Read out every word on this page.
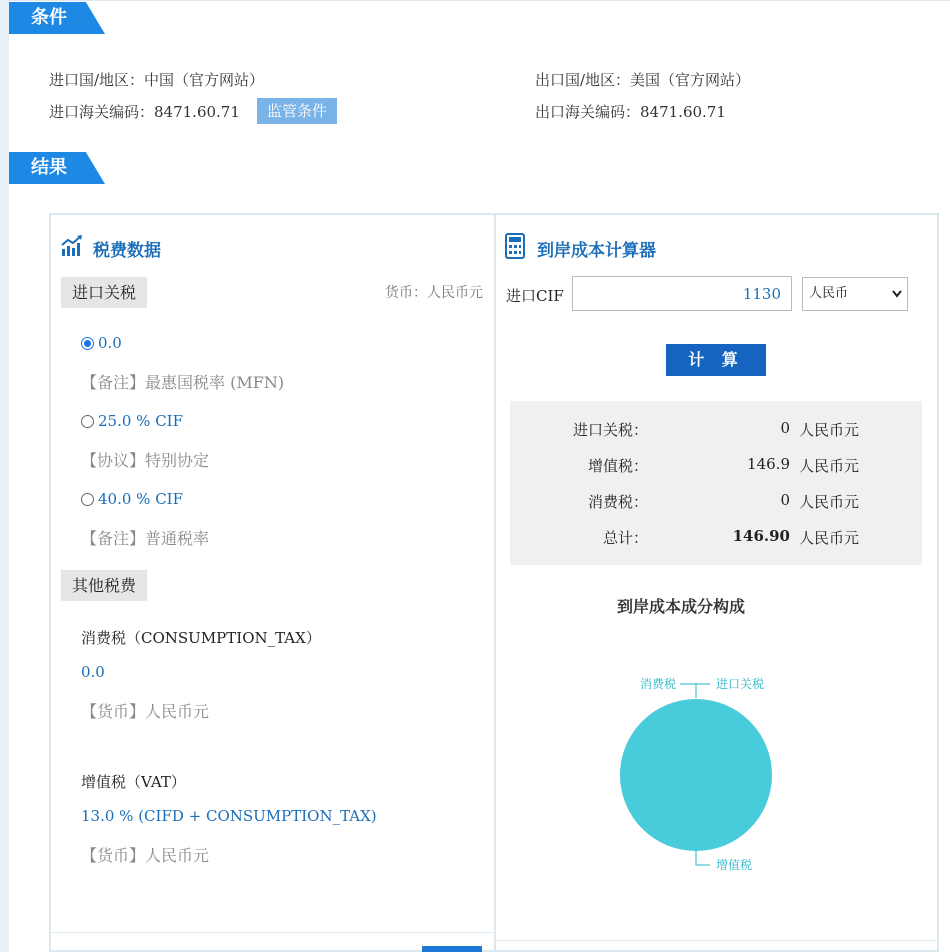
条件
进口国/地区：中国（官方网站）	出口国/地区：美国（官方网站）
进口海关编码：8471.60.71	出口海关编码：8471.60.71
监管条件
结果
税费数据
进口关税	货币：人民币元
0.0
【备注】最惠国税率 (MFN)
25.0 % CIF
【协议】特别协定
40.0 % CIF
【备注】普通税率
其他税费
消费税（CONSUMPTION_TAX）
0.0
【货币】人民币元
增值税（VAT）
13.0 % (CIFD + CONSUMPTION_TAX)
【货币】人民币元
到岸成本计算器
进口CIF
1130	人民币
计 算
进口关税：	0 人民币元
增值税：	146.9 人民币元
消费税：	0 人民币元
总计：	146.90 人民币元
到岸成本成分构成
进口关税
消费税
增值税
